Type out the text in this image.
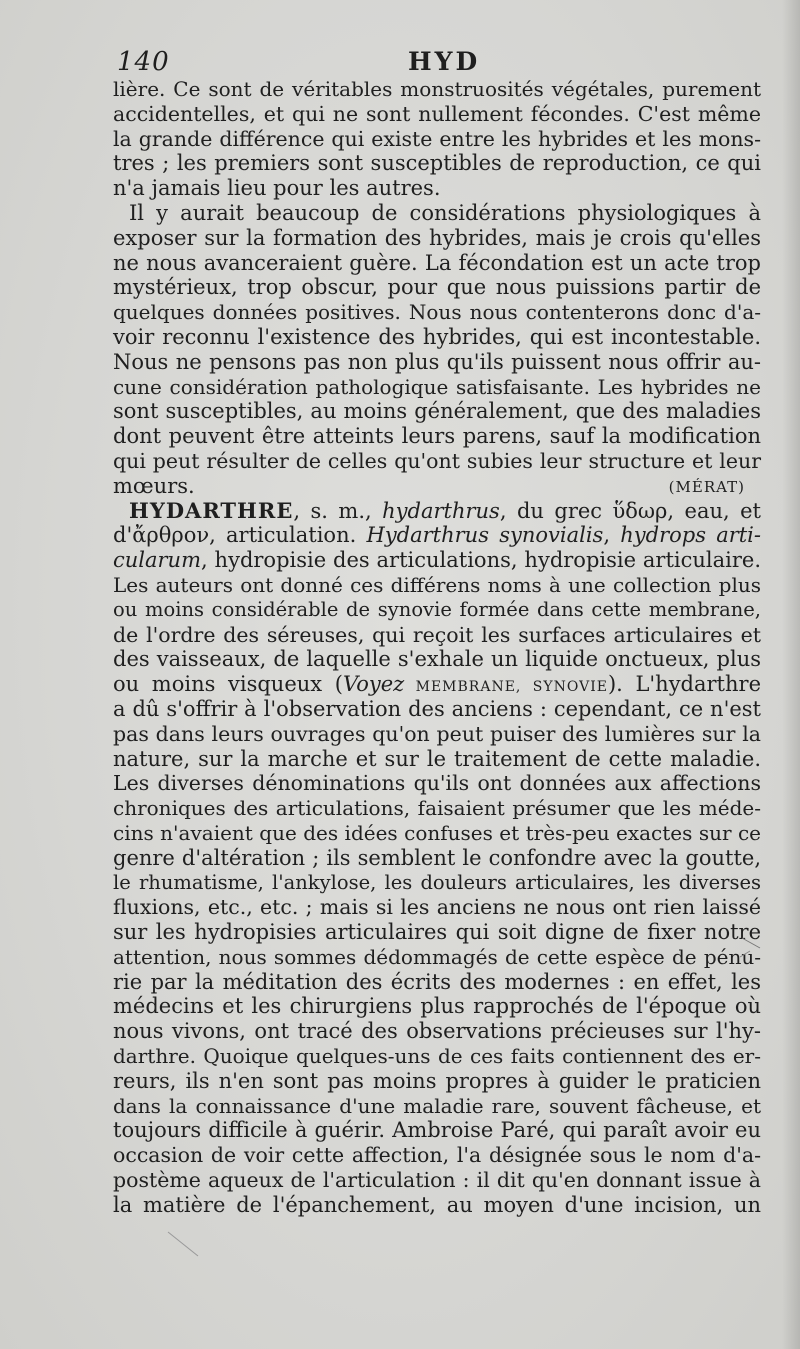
140	HYD
lière. Ce sont de véritables monstruosités végétales, purement
accidentelles, et qui ne sont nullement fécondes. C'est même
la grande différence qui existe entre les hybrides et les mons-
tres ; les premiers sont susceptibles de reproduction, ce qui
n'a jamais lieu pour les autres.
Il y aurait beaucoup de considérations physiologiques à
exposer sur la formation des hybrides, mais je crois qu'elles
ne nous avanceraient guère. La fécondation est un acte trop
mystérieux, trop obscur, pour que nous puissions partir de
quelques données positives. Nous nous contenterons donc d'a-
voir reconnu l'existence des hybrides, qui est incontestable.
Nous ne pensons pas non plus qu'ils puissent nous offrir au-
cune considération pathologique satisfaisante. Les hybrides ne
sont susceptibles, au moins généralement, que des maladies
dont peuvent être atteints leurs parens, sauf la modification
qui peut résulter de celles qu'ont subies leur structure et leur
mœurs.	(MÉRAT)
HYDARTHRE, s. m., hydarthrus, du grec ὕδωρ, eau, et
d'ἄρθρον, articulation. Hydarthrus synovialis, hydrops arti-
cularum, hydropisie des articulations, hydropisie articulaire.
Les auteurs ont donné ces différens noms à une collection plus
ou moins considérable de synovie formée dans cette membrane,
de l'ordre des séreuses, qui reçoit les surfaces articulaires et
des vaisseaux, de laquelle s'exhale un liquide onctueux, plus
ou moins visqueux (Voyez MEMBRANE, SYNOVIE). L'hydarthre
a dû s'offrir à l'observation des anciens : cependant, ce n'est
pas dans leurs ouvrages qu'on peut puiser des lumières sur la
nature, sur la marche et sur le traitement de cette maladie.
Les diverses dénominations qu'ils ont données aux affections
chroniques des articulations, faisaient présumer que les méde-
cins n'avaient que des idées confuses et très-peu exactes sur ce
genre d'altération ; ils semblent le confondre avec la goutte,
le rhumatisme, l'ankylose, les douleurs articulaires, les diverses
fluxions, etc., etc. ; mais si les anciens ne nous ont rien laissé
sur les hydropisies articulaires qui soit digne de fixer notre
attention, nous sommes dédommagés de cette espèce de pénu-
rie par la méditation des écrits des modernes : en effet, les
médecins et les chirurgiens plus rapprochés de l'époque où
nous vivons, ont tracé des observations précieuses sur l'hy-
darthre. Quoique quelques-uns de ces faits contiennent des er-
reurs, ils n'en sont pas moins propres à guider le praticien
dans la connaissance d'une maladie rare, souvent fâcheuse, et
toujours difficile à guérir. Ambroise Paré, qui paraît avoir eu
occasion de voir cette affection, l'a désignée sous le nom d'a-
postème aqueux de l'articulation : il dit qu'en donnant issue à
la matière de l'épanchement, au moyen d'une incision, un
